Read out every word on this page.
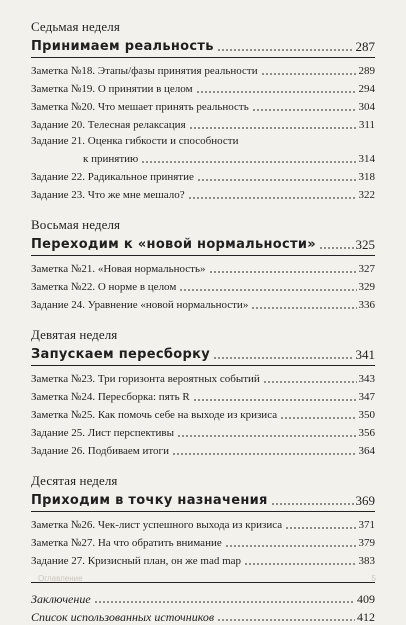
Седьмая неделя
Принимаем реальность	287
Заметка №18. Этапы/фазы принятия реальности	289
Заметка №19. О принятии в целом	294
Заметка №20. Что мешает принять реальность	304
Задание 20. Телесная релаксация	311
Задание 21. Оценка гибкости и способности
к принятию	314
Задание 22. Радикальное принятие	318
Задание 23. Что же мне мешало?	322
Восьмая неделя
Переходим к «новой нормальности»	325
Заметка №21. «Новая нормальность»	327
Заметка №22. О норме в целом	329
Задание 24. Уравнение «новой нормальности»	336
Девятая неделя
Запускаем пересборку	341
Заметка №23. Три горизонта вероятных событий	343
Заметка №24. Пересборка: пять R	347
Заметка №25. Как помочь себе на выходе из кризиса	350
Задание 25. Лист перспективы	356
Задание 26. Подбиваем итоги	364
Десятая неделя
Приходим в точку назначения	369
Заметка №26. Чек-лист успешного выхода из кризиса	371
Заметка №27. На что обратить внимание	379
Задание 27. Кризисный план, он же mad map	383
Заключение	409
Список использованных источников	412
Оглавление	5
